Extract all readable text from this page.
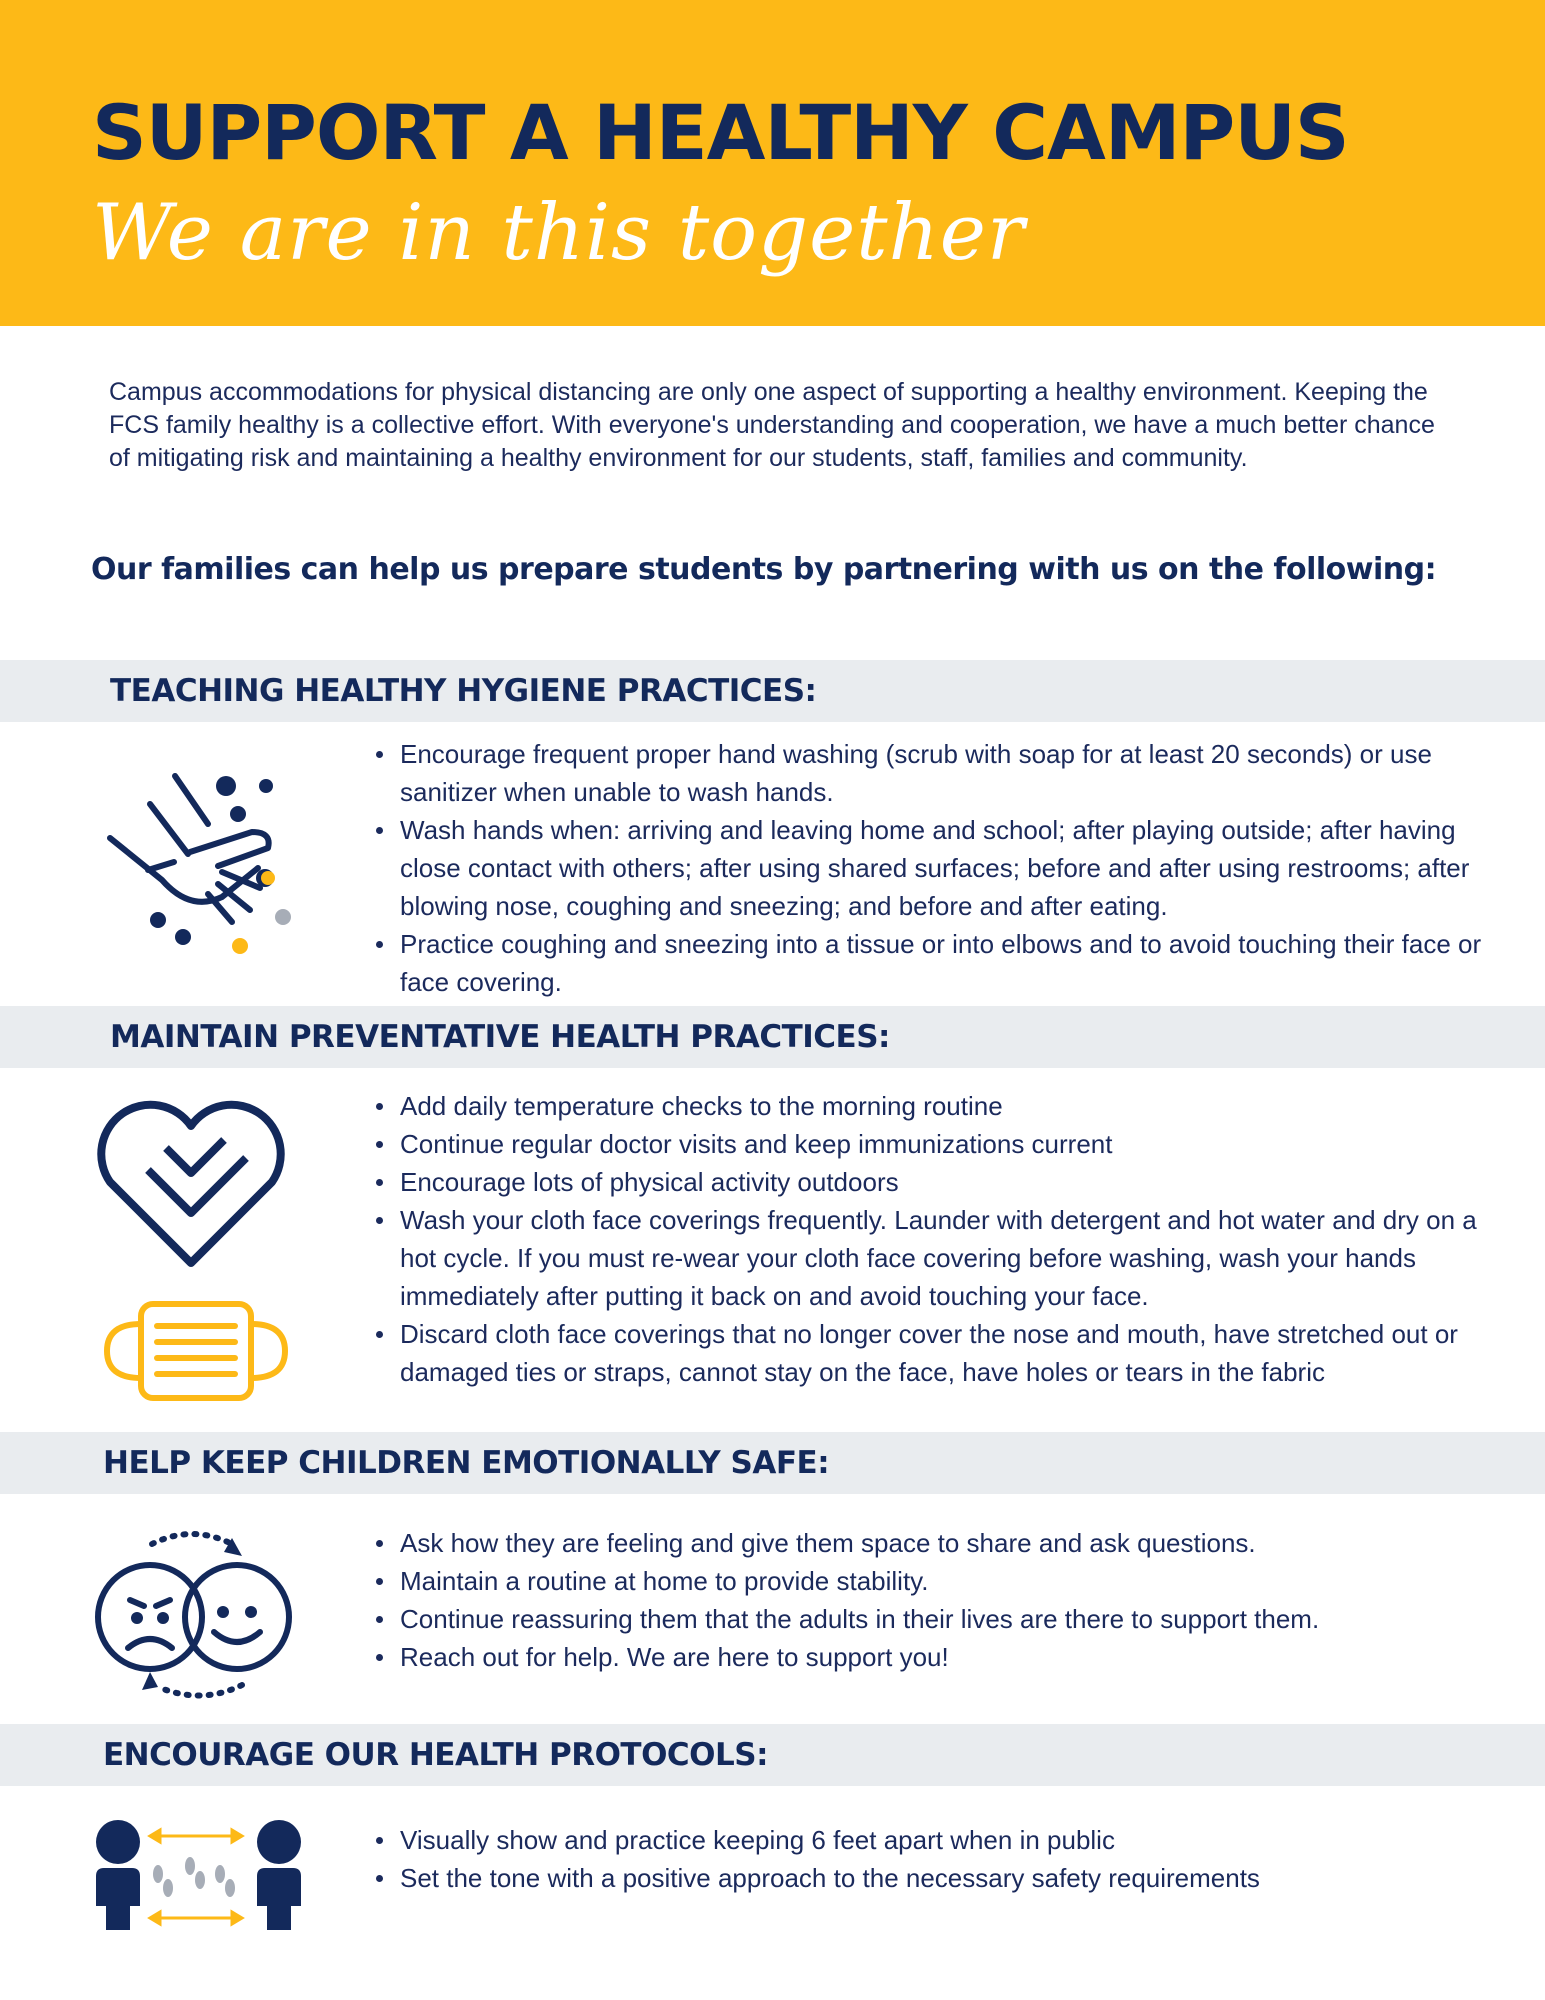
SUPPORT A HEALTHY CAMPUS

We are in this together

Campus accommodations for physical distancing are only one aspect of supporting a healthy environment. Keeping the FCS family healthy is a collective effort. With everyone's understanding and cooperation, we have a much better chance of mitigating risk and maintaining a healthy environment for our students, staff, families and community.

Our families can help us prepare students by partnering with us on the following:

TEACHING HEALTHY HYGIENE PRACTICES:
Encourage frequent proper hand washing (scrub with soap for at least 20 seconds) or use sanitizer when unable to wash hands.
Wash hands when: arriving and leaving home and school; after playing outside; after having close contact with others; after using shared surfaces; before and after using restrooms; after blowing nose, coughing and sneezing; and before and after eating.
Practice coughing and sneezing into a tissue or into elbows and to avoid touching their face or face covering.
MAINTAIN PREVENTATIVE HEALTH PRACTICES:
Add daily temperature checks to the morning routine
Continue regular doctor visits and keep immunizations current
Encourage lots of physical activity outdoors
Wash your cloth face coverings frequently. Launder with detergent and hot water and dry on a hot cycle. If you must re-wear your cloth face covering before washing, wash your hands immediately after putting it back on and avoid touching your face.
Discard cloth face coverings that no longer cover the nose and mouth, have stretched out or damaged ties or straps, cannot stay on the face, have holes or tears in the fabric
HELP KEEP CHILDREN EMOTIONALLY SAFE:
Ask how they are feeling and give them space to share and ask questions.
Maintain a routine at home to provide stability.
Continue reassuring them that the adults in their lives are there to support them.
Reach out for help. We are here to support you!
ENCOURAGE OUR HEALTH PROTOCOLS:
Visually show and practice keeping 6 feet apart when in public
Set the tone with a positive approach to the necessary safety requirements
